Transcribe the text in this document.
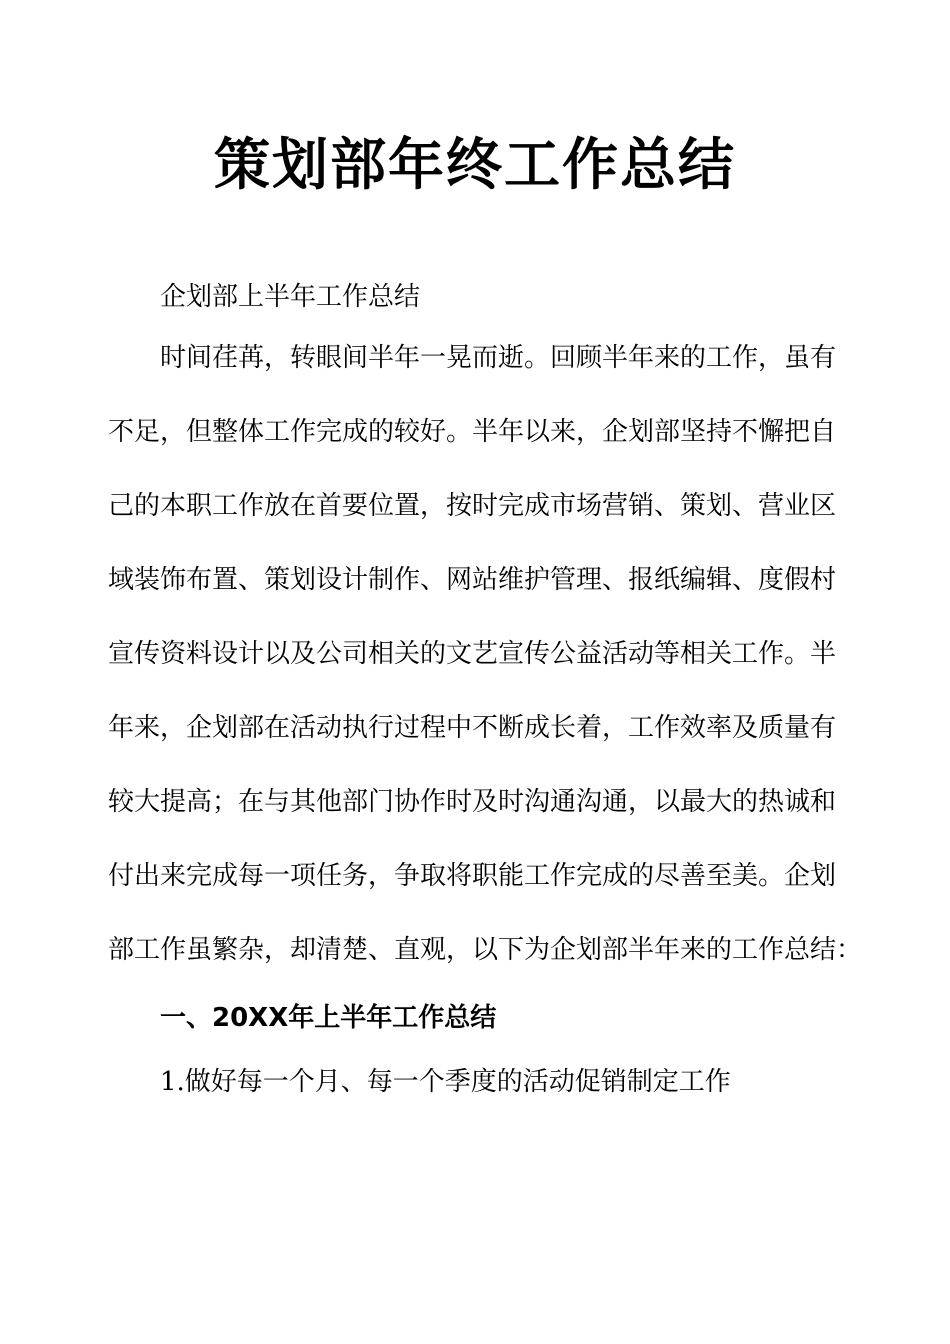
策划部年终工作总结

企划部上半年工作总结

时间荏苒，转眼间半年一晃而逝。回顾半年来的工作，虽有

不足，但整体工作完成的较好。半年以来，企划部坚持不懈把自

己的本职工作放在首要位置，按时完成市场营销、策划、营业区

域装饰布置、策划设计制作、网站维护管理、报纸编辑、度假村

宣传资料设计以及公司相关的文艺宣传公益活动等相关工作。半

年来，企划部在活动执行过程中不断成长着，工作效率及质量有

较大提高；在与其他部门协作时及时沟通沟通，以最大的热诚和

付出来完成每一项任务，争取将职能工作完成的尽善至美。企划

部工作虽繁杂，却清楚、直观，以下为企划部半年来的工作总结：

一、20XX年上半年工作总结

1.做好每一个月、每一个季度的活动促销制定工作
